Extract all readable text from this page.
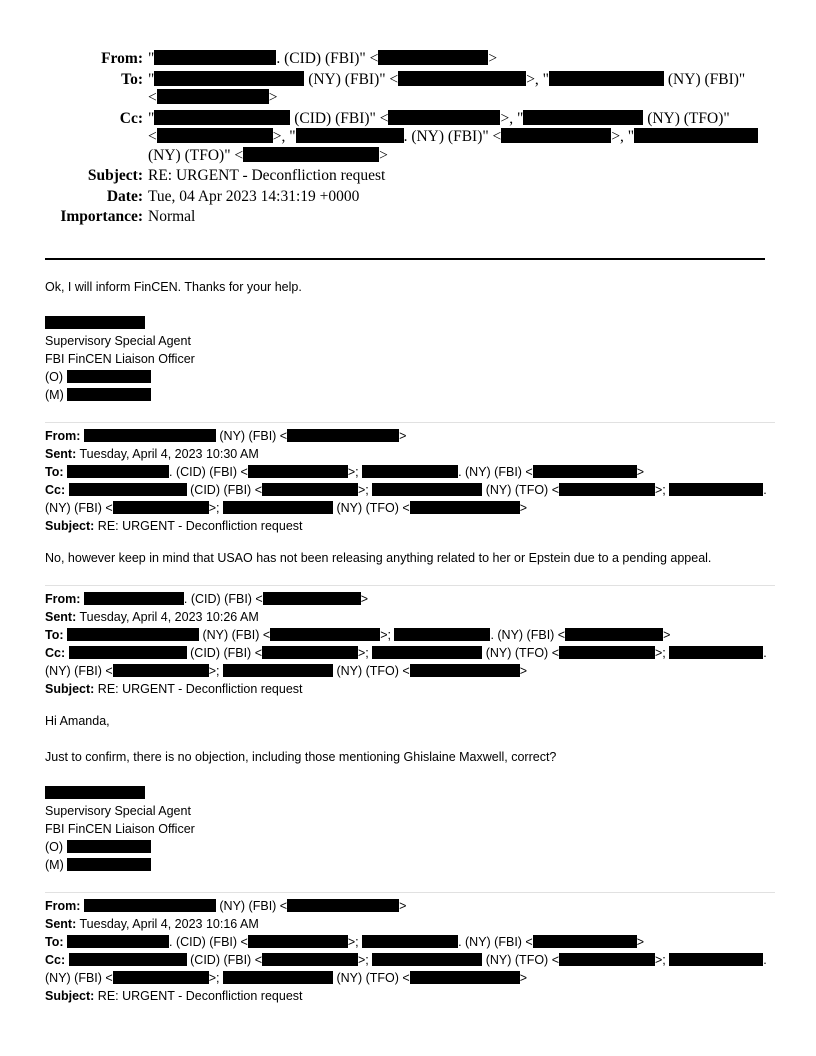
From: "	. (CID) (FBI)" <	>
To: "	(NY) (FBI)" <	>, "	(NY) (FBI)"
<	>
Cc: "	(CID) (FBI)" <	>, "	(NY) (TFO)"
<	>, "	. (NY) (FBI)" <	>, "
(NY) (TFO)" <	>
Subject: RE: URGENT - Deconfliction request
Date: Tue, 04 Apr 2023 14:31:19 +0000
Importance: Normal

Ok, I will inform FinCEN. Thanks for your help.

Supervisory Special Agent
FBI FinCEN Liaison Officer
(O)
(M)
From:	(NY) (FBI) <	>
Sent: Tuesday, April 4, 2023 10:30 AM
To:	. (CID) (FBI) <	>;	. (NY) (FBI) <	>
Cc:	(CID) (FBI) <	>;	(NY) (TFO) <	>;	.
(NY) (FBI) <	>;	(NY) (TFO) <	>
Subject: RE: URGENT - Deconfliction request

No, however keep in mind that USAO has not been releasing anything related to her or Epstein due to a pending appeal.

From:	. (CID) (FBI) <	>
Sent: Tuesday, April 4, 2023 10:26 AM
To:	(NY) (FBI) <	>;	. (NY) (FBI) <	>
Cc:	(CID) (FBI) <	>;	(NY) (TFO) <	>;	.
(NY) (FBI) <	>;	(NY) (TFO) <	>
Subject: RE: URGENT - Deconfliction request

Hi Amanda,

Just to confirm, there is no objection, including those mentioning Ghislaine Maxwell, correct?

Supervisory Special Agent
FBI FinCEN Liaison Officer
(O)
(M)
From:	(NY) (FBI) <	>
Sent: Tuesday, April 4, 2023 10:16 AM
To:	. (CID) (FBI) <	>;	. (NY) (FBI) <	>
Cc:	(CID) (FBI) <	>;	(NY) (TFO) <	>;	.
(NY) (FBI) <	>;	(NY) (TFO) <	>
Subject: RE: URGENT - Deconfliction request
